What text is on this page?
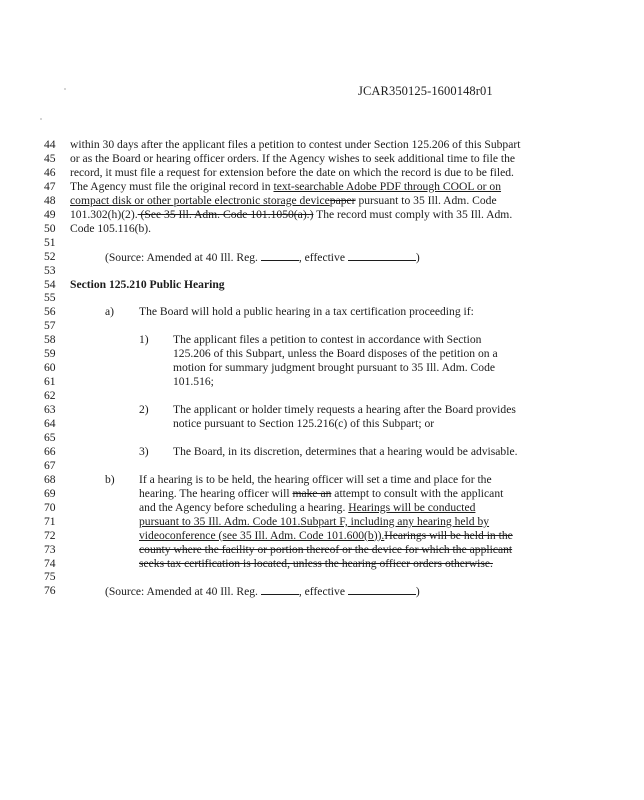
JCAR350125-1600148r01
44	within 30 days after the applicant files a petition to contest under Section 125.206 of this Subpart
45	or as the Board or hearing officer orders. If the Agency wishes to seek additional time to file the
46	record, it must file a request for extension before the date on which the record is due to be filed.
47	The Agency must file the original record in text-searchable Adobe PDF through COOL or on
48	compact disk or other portable electronic storage devicepaper pursuant to 35 Ill. Adm. Code
49	101.302(h)(2). (See 35 Ill. Adm. Code 101.1050(a).) The record must comply with 35 Ill. Adm.
50	Code 105.116(b).
51
52	(Source: Amended at 40 Ill. Reg.	, effective	)
53
54	Section 125.210 Public Hearing
55
56	a) The Board will hold a public hearing in a tax certification proceeding if:
57
58	1) The applicant files a petition to contest in accordance with Section
59	125.206 of this Subpart, unless the Board disposes of the petition on a
60	motion for summary judgment brought pursuant to 35 Ill. Adm. Code
61	101.516;
62
63	2) The applicant or holder timely requests a hearing after the Board provides
64	notice pursuant to Section 125.216(c) of this Subpart; or
65
66	3) The Board, in its discretion, determines that a hearing would be advisable.
67
68	b) If a hearing is to be held, the hearing officer will set a time and place for the
69	hearing. The hearing officer will make an attempt to consult with the applicant
70	and the Agency before scheduling a hearing. Hearings will be conducted
71	pursuant to 35 Ill. Adm. Code 101.Subpart F, including any hearing held by
72	videoconference (see 35 Ill. Adm. Code 101.600(b)).Hearings will be held in the
73	county where the facility or portion thereof or the device for which the applicant
74	seeks tax certification is located, unless the hearing officer orders otherwise.
75
76	(Source: Amended at 40 Ill. Reg.	, effective	)
